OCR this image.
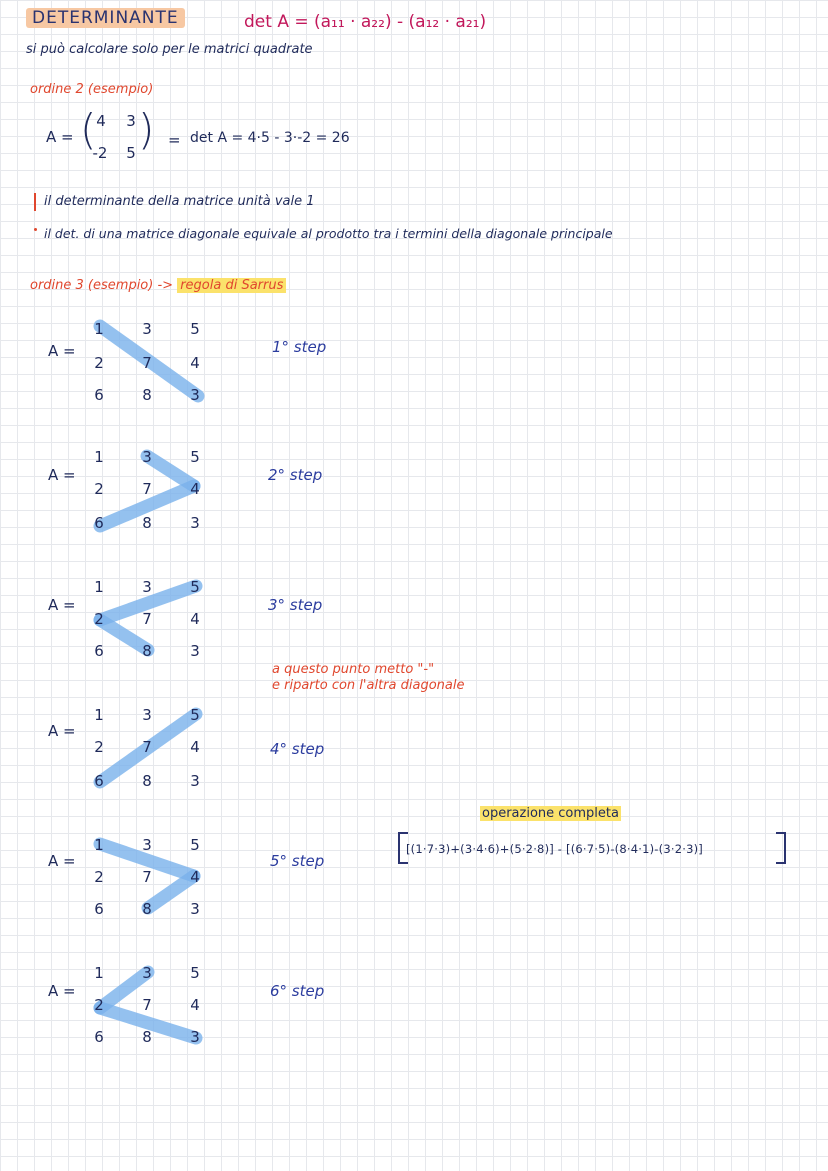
DETERMINANTE	det A = (a₁₁ · a₂₂) - (a₁₂ · a₂₁)
si può calcolare solo per le matrici quadrate
ordine 2 (esempio)
A = ( )
4 3
-2 5
= det A = 4·5 - 3·-2 = 26
il determinante della matrice unità vale 1
il det. di una matrice diagonale equivale al prodotto tra i termini della diagonale principale
ordine 3 (esempio) -> regola di Sarrus
A =
1	3	5
2	7	4
6	8	3
1° step
A =
1	3	5
2	7	4
6	8	3
2° step
A =
1	3	5
2	7	4
6	8	3
3° step
a questo punto metto "-"
e riparto con l'altra diagonale
A =
1	3	5
2	7	4
6	8	3
4° step
A =
1	3	5
2	7	4
6	8	3
5° step
A =
1	3	5
2	7	4
6	8	3
6° step
operazione completa
[(1·7·3)+(3·4·6)+(5·2·8)] - [(6·7·5)-(8·4·1)-(3·2·3)]
